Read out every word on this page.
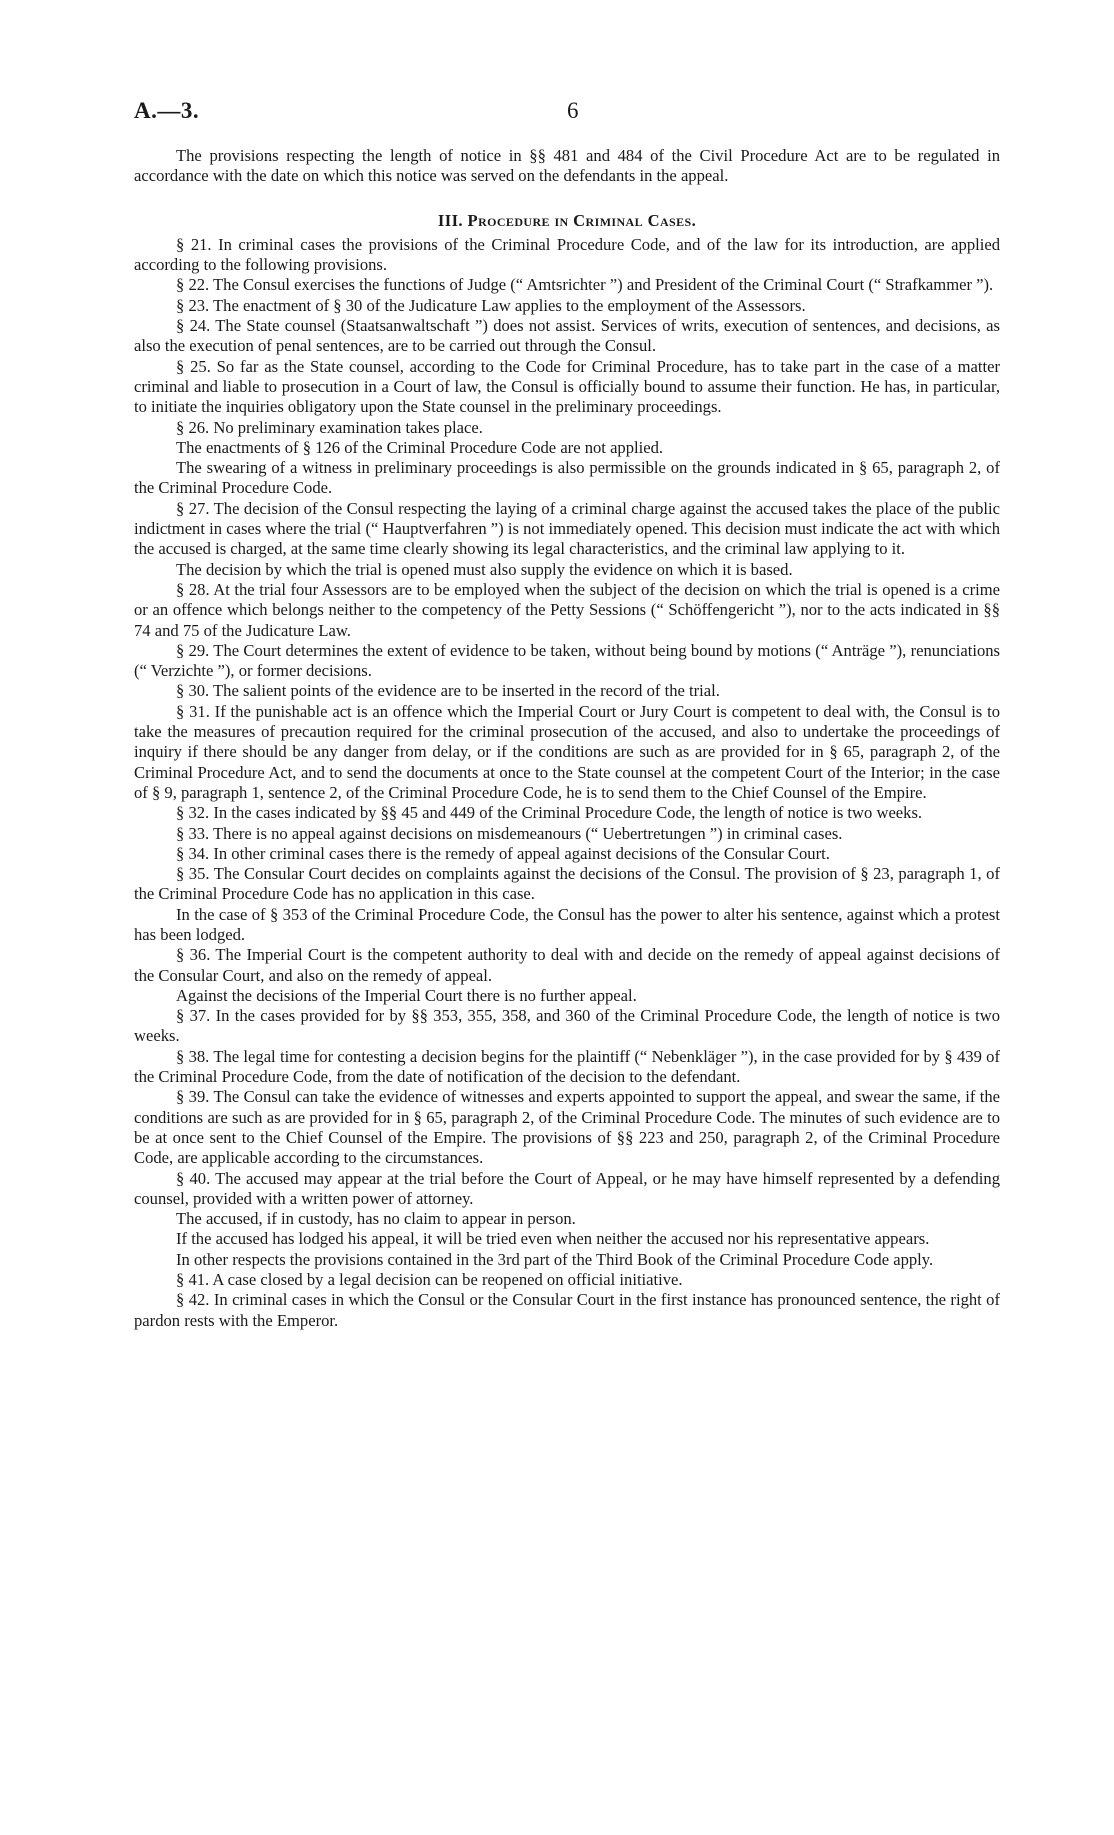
A.—3.	6

The provisions respecting the length of notice in §§ 481 and 484 of the Civil Procedure Act are to be regulated in accordance with the date on which this notice was served on the defendants in the appeal.

III. Procedure in Criminal Cases.

§ 21. In criminal cases the provisions of the Criminal Procedure Code, and of the law for its introduction, are applied according to the following provisions.

§ 22. The Consul exercises the functions of Judge (“ Amtsrichter ”) and President of the Criminal Court (“ Strafkammer ”).

§ 23. The enactment of § 30 of the Judicature Law applies to the employment of the Assessors.

§ 24. The State counsel (Staatsanwaltschaft ”) does not assist. Services of writs, execution of sentences, and decisions, as also the execution of penal sentences, are to be carried out through the Consul.

§ 25. So far as the State counsel, according to the Code for Criminal Procedure, has to take part in the case of a matter criminal and liable to prosecution in a Court of law, the Consul is officially bound to assume their function. He has, in particular, to initiate the inquiries obligatory upon the State counsel in the preliminary proceedings.

§ 26. No preliminary examination takes place.

The enactments of § 126 of the Criminal Procedure Code are not applied.

The swearing of a witness in preliminary proceedings is also permissible on the grounds indicated in § 65, paragraph 2, of the Criminal Procedure Code.

§ 27. The decision of the Consul respecting the laying of a criminal charge against the accused takes the place of the public indictment in cases where the trial (“ Hauptverfahren ”) is not immediately opened. This decision must indicate the act with which the accused is charged, at the same time clearly showing its legal characteristics, and the criminal law applying to it.

The decision by which the trial is opened must also supply the evidence on which it is based.

§ 28. At the trial four Assessors are to be employed when the subject of the decision on which the trial is opened is a crime or an offence which belongs neither to the competency of the Petty Sessions (“ Schöffengericht ”), nor to the acts indicated in §§ 74 and 75 of the Judicature Law.

§ 29. The Court determines the extent of evidence to be taken, without being bound by motions (“ Anträge ”), renunciations (“ Verzichte ”), or former decisions.

§ 30. The salient points of the evidence are to be inserted in the record of the trial.

§ 31. If the punishable act is an offence which the Imperial Court or Jury Court is competent to deal with, the Consul is to take the measures of precaution required for the criminal prosecution of the accused, and also to undertake the proceedings of inquiry if there should be any danger from delay, or if the conditions are such as are provided for in § 65, paragraph 2, of the Criminal Procedure Act, and to send the documents at once to the State counsel at the competent Court of the Interior; in the case of § 9, paragraph 1, sentence 2, of the Criminal Procedure Code, he is to send them to the Chief Counsel of the Empire.

§ 32. In the cases indicated by §§ 45 and 449 of the Criminal Procedure Code, the length of notice is two weeks.

§ 33. There is no appeal against decisions on misdemeanours (“ Uebertretungen ”) in criminal cases.

§ 34. In other criminal cases there is the remedy of appeal against decisions of the Consular Court.

§ 35. The Consular Court decides on complaints against the decisions of the Consul. The provision of § 23, paragraph 1, of the Criminal Procedure Code has no application in this case.

In the case of § 353 of the Criminal Procedure Code, the Consul has the power to alter his sentence, against which a protest has been lodged.

§ 36. The Imperial Court is the competent authority to deal with and decide on the remedy of appeal against decisions of the Consular Court, and also on the remedy of appeal.

Against the decisions of the Imperial Court there is no further appeal.

§ 37. In the cases provided for by §§ 353, 355, 358, and 360 of the Criminal Procedure Code, the length of notice is two weeks.

§ 38. The legal time for contesting a decision begins for the plaintiff (“ Nebenkläger ”), in the case provided for by § 439 of the Criminal Procedure Code, from the date of notification of the decision to the defendant.

§ 39. The Consul can take the evidence of witnesses and experts appointed to support the appeal, and swear the same, if the conditions are such as are provided for in § 65, paragraph 2, of the Criminal Procedure Code. The minutes of such evidence are to be at once sent to the Chief Counsel of the Empire. The provisions of §§ 223 and 250, paragraph 2, of the Criminal Procedure Code, are applicable according to the circumstances.

§ 40. The accused may appear at the trial before the Court of Appeal, or he may have himself represented by a defending counsel, provided with a written power of attorney.

The accused, if in custody, has no claim to appear in person.

If the accused has lodged his appeal, it will be tried even when neither the accused nor his representative appears.

In other respects the provisions contained in the 3rd part of the Third Book of the Criminal Procedure Code apply.

§ 41. A case closed by a legal decision can be reopened on official initiative.

§ 42. In criminal cases in which the Consul or the Consular Court in the first instance has pronounced sentence, the right of pardon rests with the Emperor.
